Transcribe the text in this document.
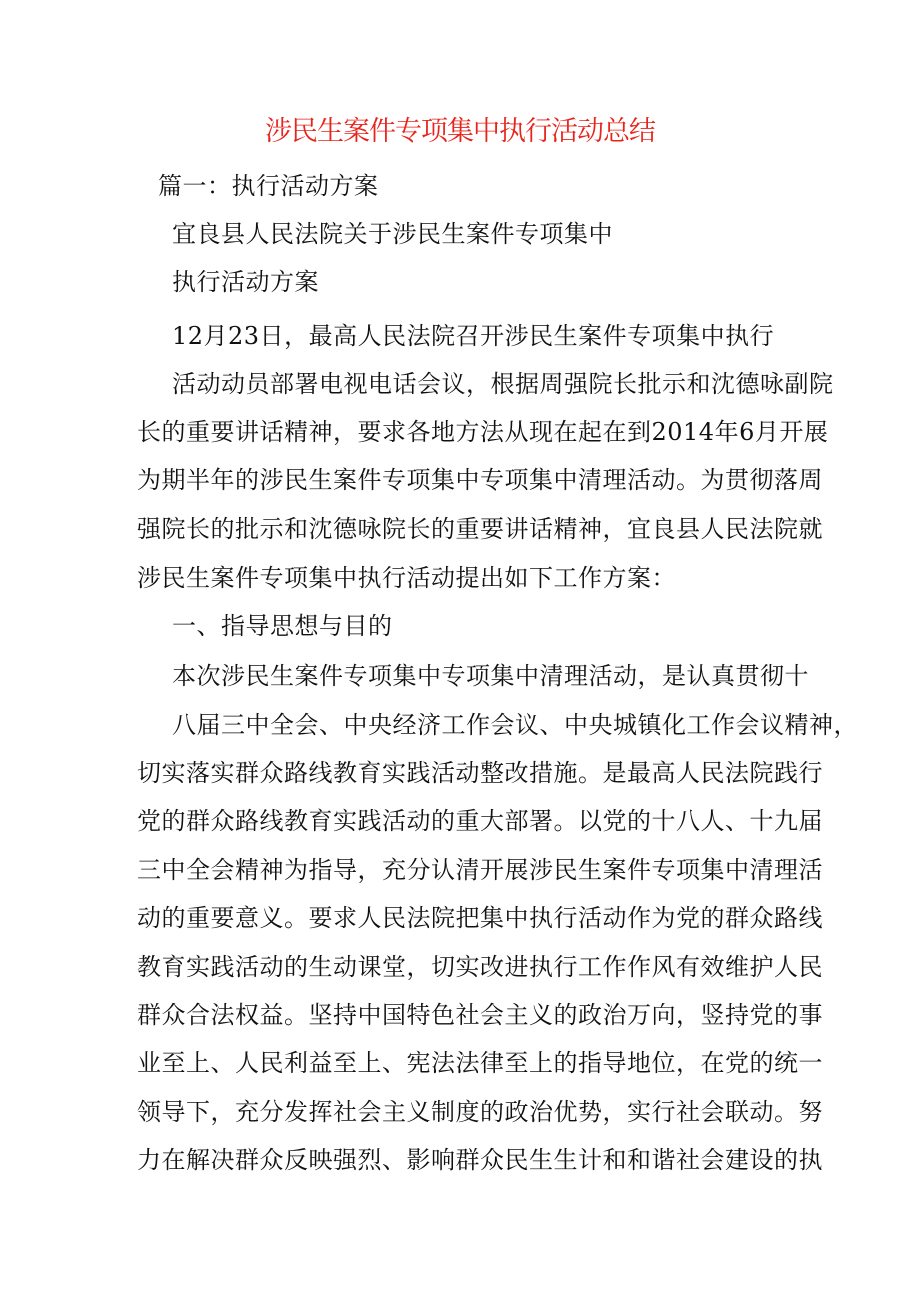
涉民生案件专项集中执行活动总结
篇一：执行活动方案
宜良县人民法院关于涉民生案件专项集中
执行活动方案
12月23日，最高人民法院召开涉民生案件专项集中执行
活动动员部署电视电话会议，根据周强院长批示和沈德咏副院
长的重要讲话精神，要求各地方法从现在起在到2014年6月开展
为期半年的涉民生案件专项集中专项集中清理活动。为贯彻落周
强院长的批示和沈德咏院长的重要讲话精神，宜良县人民法院就
涉民生案件专项集中执行活动提出如下工作方案：
一、指导思想与目的
本次涉民生案件专项集中专项集中清理活动，是认真贯彻十
八届三中全会、中央经济工作会议、中央城镇化工作会议精神，
切实落实群众路线教育实践活动整改措施。是最高人民法院践行
党的群众路线教育实践活动的重大部署。以党的十八人、十九届
三中全会精神为指导，充分认清开展涉民生案件专项集中清理活
动的重要意义。要求人民法院把集中执行活动作为党的群众路线
教育实践活动的生动课堂，切实改进执行工作作风有效维护人民
群众合法权益。坚持中国特色社会主义的政治万向，竖持党的事
业至上、人民利益至上、宪法法律至上的指导地位，在党的统一
领导下，充分发挥社会主义制度的政治优势，实行社会联动。努
力在解决群众反映强烈、影响群众民生生计和和谐社会建设的执
